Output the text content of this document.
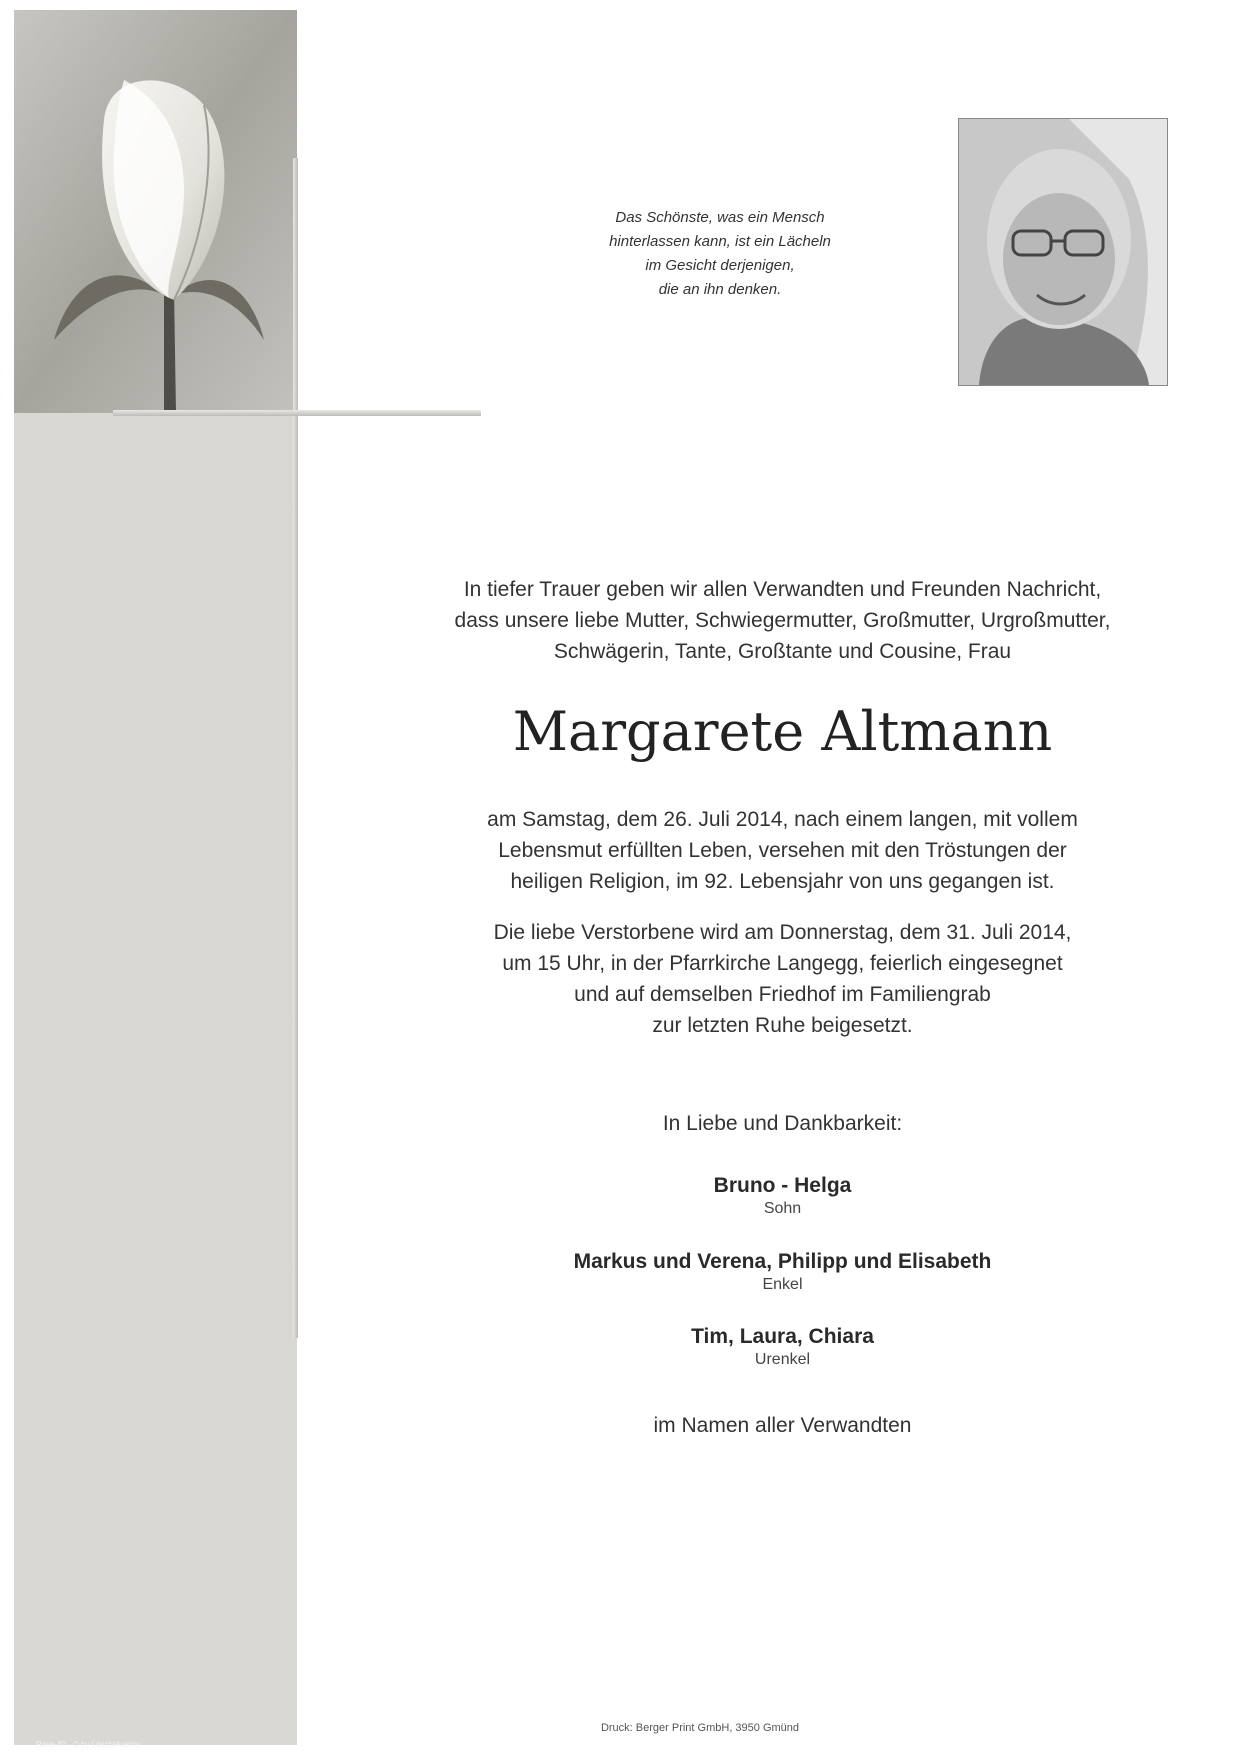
Rose 40 - © by Lösch/Austria
Das Schönste, was ein Mensch
hinterlassen kann, ist ein Lächeln
im Gesicht derjenigen,
die an ihn denken.
In tiefer Trauer geben wir allen Verwandten und Freunden Nachricht,
dass unsere liebe Mutter, Schwiegermutter, Großmutter, Urgroßmutter,
Schwägerin, Tante, Großtante und Cousine, Frau
Margarete Altmann
am Samstag, dem 26. Juli 2014, nach einem langen, mit vollem
Lebensmut erfüllten Leben, versehen mit den Tröstungen der
heiligen Religion, im 92. Lebensjahr von uns gegangen ist.
Die liebe Verstorbene wird am Donnerstag, dem 31. Juli 2014,
um 15 Uhr, in der Pfarrkirche Langegg, feierlich eingesegnet
und auf demselben Friedhof im Familiengrab
zur letzten Ruhe beigesetzt.
In Liebe und Dankbarkeit:
Bruno - Helga
Sohn
Markus und Verena, Philipp und Elisabeth
Enkel
Tim, Laura, Chiara
Urenkel
im Namen aller Verwandten
Druck: Berger Print GmbH, 3950 Gmünd
